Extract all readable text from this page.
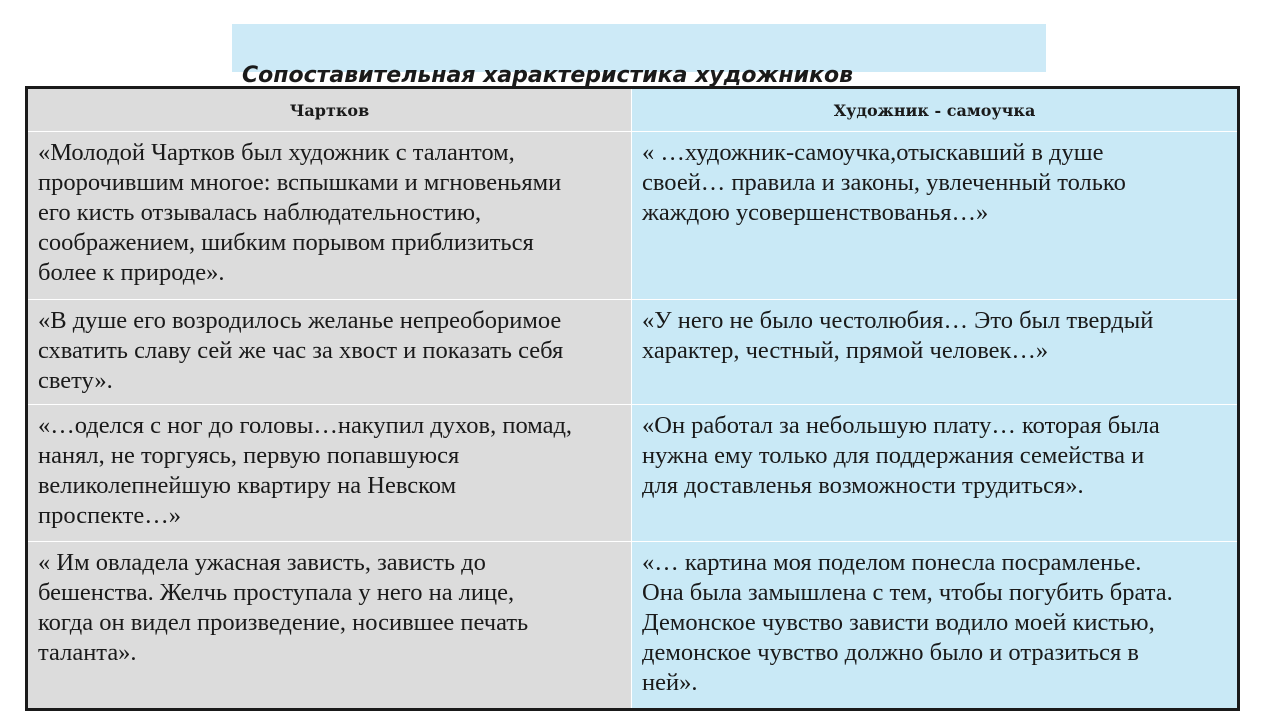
Сопоставительная характеристика художников
Чартков	Художник - самоучка

«Молодой Чартков был художник с талантом,
пророчившим многое: вспышками и мгновеньями
его кисть отзывалась наблюдательностию,
соображением, шибким порывом приблизиться
более к природе».	« …художник-самоучка,отыскавший в душе
своей… правила и законы, увлеченный только
жаждою усовершенствованья…»

«В душе его возродилось желанье непреоборимое
схватить славу сей же час за хвост и показать себя
свету».	«У него не было честолюбия… Это был твердый
характер, честный, прямой человек…»

«…оделся с ног до головы…накупил духов, помад,
нанял, не торгуясь, первую попавшуюся
великолепнейшую квартиру на Невском
проспекте…»	«Он работал за небольшую плату… которая была
нужна ему только для поддержания семейства и
для доставленья возможности трудиться».

« Им овладела ужасная зависть, зависть до
бешенства. Желчь проступала у него на лице,
когда он видел произведение, носившее печать
таланта».	«… картина моя поделом понесла посрамленье.
Она была замышлена с тем, чтобы погубить брата.
Демонское чувство зависти водило моей кистью,
демонское чувство должно было и отразиться в
ней».
